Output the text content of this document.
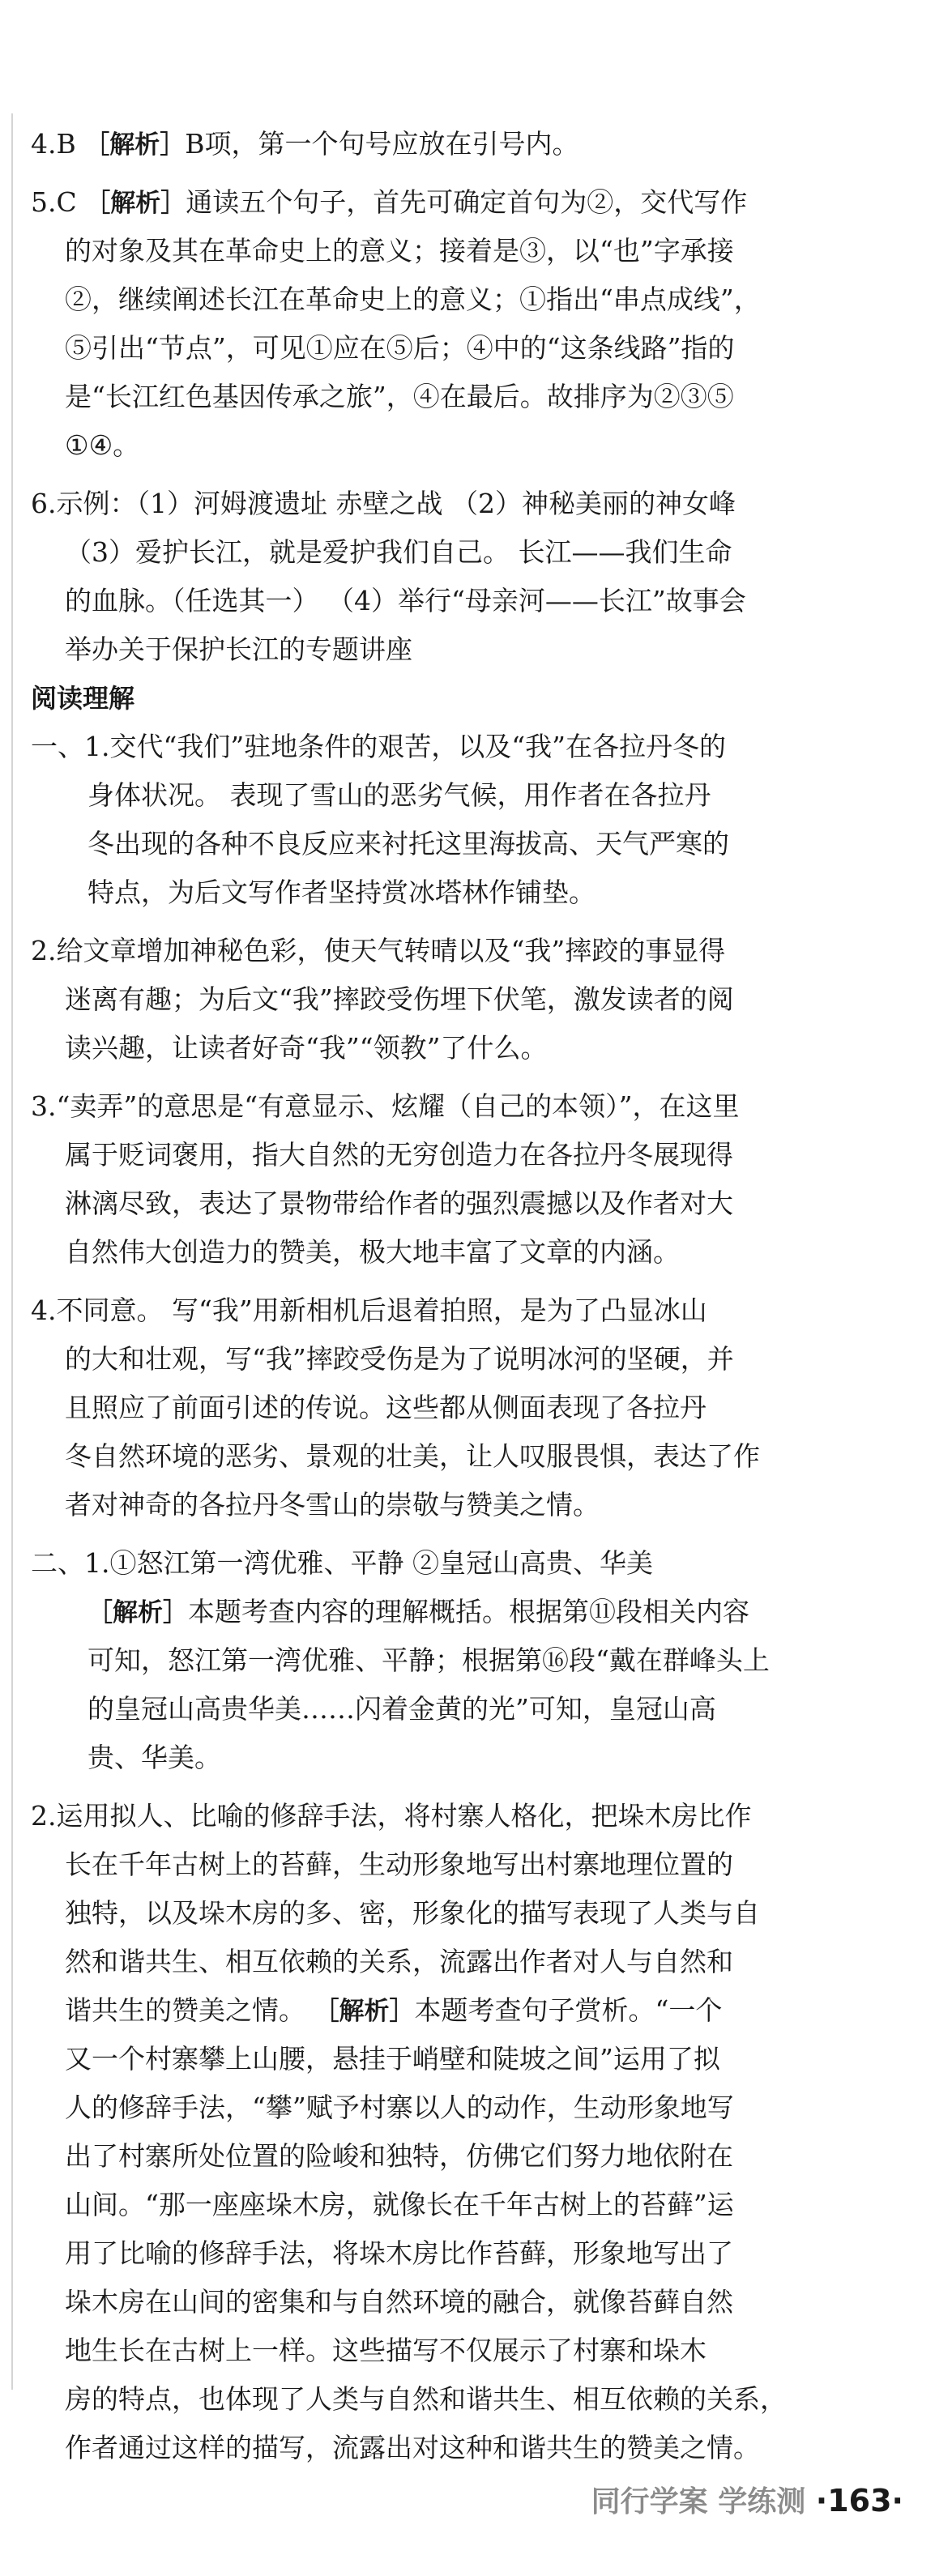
4.B ［解析］B项，第一个句号应放在引号内。
5.C ［解析］通读五个句子，首先可确定首句为②，交代写作
的对象及其在革命史上的意义；接着是③，以“也”字承接
②，继续阐述长江在革命史上的意义；①指出“串点成线”，
⑤引出“节点”，可见①应在⑤后；④中的“这条线路”指的
是“长江红色基因传承之旅”，④在最后。故排序为②③⑤
①④。
6.示例：（1）河姆渡遗址 赤壁之战 （2）神秘美丽的神女峰
（3）爱护长江，就是爱护我们自己。 长江——我们生命
的血脉。（任选其一） （4）举行“母亲河——长江”故事会
举办关于保护长江的专题讲座
阅读理解
一、1.交代“我们”驻地条件的艰苦，以及“我”在各拉丹冬的
身体状况。 表现了雪山的恶劣气候，用作者在各拉丹
冬出现的各种不良反应来衬托这里海拔高、天气严寒的
特点，为后文写作者坚持赏冰塔林作铺垫。
2.给文章增加神秘色彩，使天气转晴以及“我”摔跤的事显得
迷离有趣；为后文“我”摔跤受伤埋下伏笔，激发读者的阅
读兴趣，让读者好奇“我”“领教”了什么。
3.“卖弄”的意思是“有意显示、炫耀（自己的本领）”，在这里
属于贬词褒用，指大自然的无穷创造力在各拉丹冬展现得
淋漓尽致，表达了景物带给作者的强烈震撼以及作者对大
自然伟大创造力的赞美，极大地丰富了文章的内涵。
4.不同意。 写“我”用新相机后退着拍照，是为了凸显冰山
的大和壮观，写“我”摔跤受伤是为了说明冰河的坚硬，并
且照应了前面引述的传说。这些都从侧面表现了各拉丹
冬自然环境的恶劣、景观的壮美，让人叹服畏惧，表达了作
者对神奇的各拉丹冬雪山的崇敬与赞美之情。
二、1.①怒江第一湾优雅、平静 ②皇冠山高贵、华美
［解析］本题考查内容的理解概括。根据第⑪段相关内容
可知，怒江第一湾优雅、平静；根据第⑯段“戴在群峰头上
的皇冠山高贵华美……闪着金黄的光”可知，皇冠山高
贵、华美。
2.运用拟人、比喻的修辞手法，将村寨人格化，把垛木房比作
长在千年古树上的苔藓，生动形象地写出村寨地理位置的
独特，以及垛木房的多、密，形象化的描写表现了人类与自
然和谐共生、相互依赖的关系，流露出作者对人与自然和
谐共生的赞美之情。 ［解析］本题考查句子赏析。“一个
又一个村寨攀上山腰，悬挂于峭壁和陡坡之间”运用了拟
人的修辞手法，“攀”赋予村寨以人的动作，生动形象地写
出了村寨所处位置的险峻和独特，仿佛它们努力地依附在
山间。“那一座座垛木房，就像长在千年古树上的苔藓”运
用了比喻的修辞手法，将垛木房比作苔藓，形象地写出了
垛木房在山间的密集和与自然环境的融合，就像苔藓自然
地生长在古树上一样。这些描写不仅展示了村寨和垛木
房的特点，也体现了人类与自然和谐共生、相互依赖的关系，
作者通过这样的描写，流露出对这种和谐共生的赞美之情。
同行学案 学练测 ·163·
